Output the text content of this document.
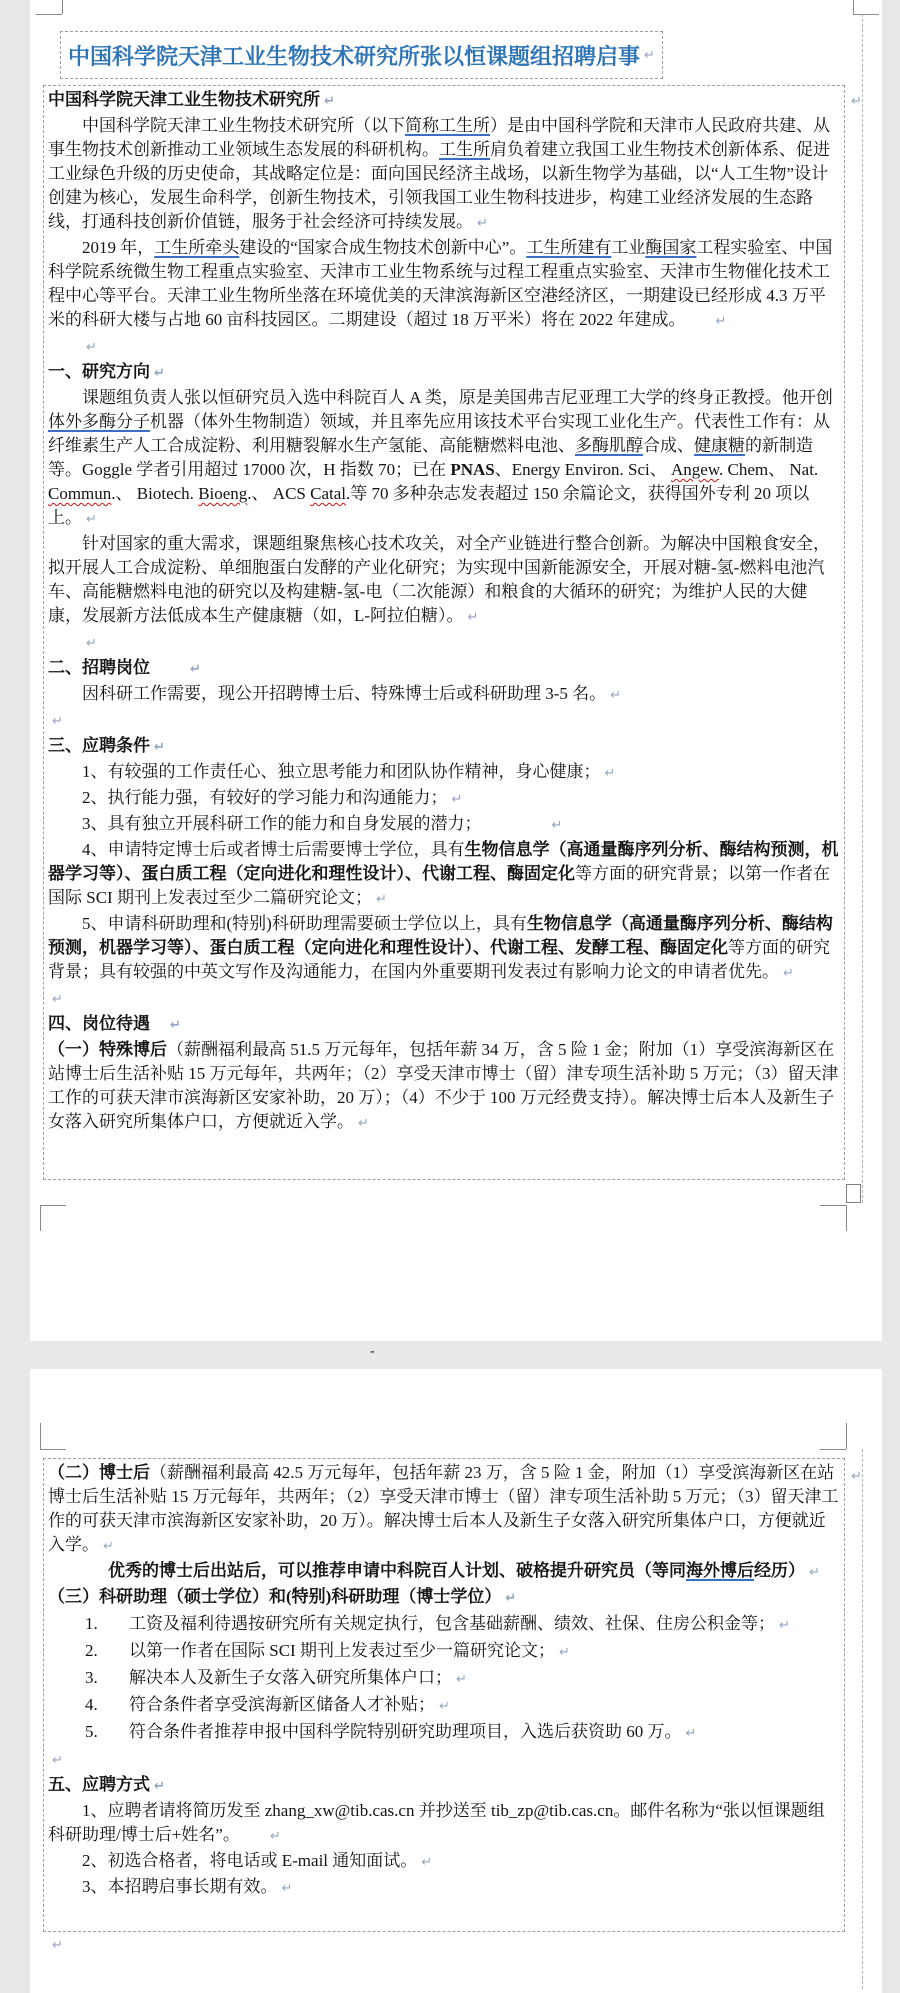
中国科学院天津工业生物技术研究所张以恒课题组招聘启事 ↵
中国科学院天津工业生物技术研究所 ↵
中国科学院天津工业生物技术研究所（以下简称工生所）是由中国科学院和天津市人民政府共建、从事生物技术创新推动工业领域生态发展的科研机构。工生所肩负着建立我国工业生物技术创新体系、促进工业绿色升级的历史使命，其战略定位是：面向国民经济主战场，以新生物学为基础，以“人工生物”设计创建为核心，发展生命科学，创新生物技术，引领我国工业生物科技进步，构建工业经济发展的生态路线，打通科技创新价值链，服务于社会经济可持续发展。 ↵
2019 年，工生所牵头建设的“国家合成生物技术创新中心”。工生所建有工业酶国家工程实验室、中国科学院系统微生物工程重点实验室、天津市工业生物系统与过程工程重点实验室、天津市生物催化技术工程中心等平台。天津工业生物所坐落在环境优美的天津滨海新区空港经济区，一期建设已经形成 4.3 万平米的科研大楼与占地 60 亩科技园区。二期建设（超过 18 万平米）将在 2022 年建成。 ↵
↵
一、研究方向 ↵
课题组负责人张以恒研究员入选中科院百人 A 类，原是美国弗吉尼亚理工大学的终身正教授。他开创体外多酶分子机器（体外生物制造）领域，并且率先应用该技术平台实现工业化生产。代表性工作有：从纤维素生产人工合成淀粉、利用糖裂解水生产氢能、高能糖燃料电池、多酶肌醇合成、健康糖的新制造等。Goggle 学者引用超过 17000 次，H 指数 70；已在 PNAS、Energy Environ. Sci、 Angew. Chem、 Nat. Commun.、 Biotech. Bioeng.、 ACS Catal.等 70 多种杂志发表超过 150 余篇论文，获得国外专利 20 项以上。 ↵
针对国家的重大需求，课题组聚焦核心技术攻关，对全产业链进行整合创新。为解决中国粮食安全，拟开展人工合成淀粉、单细胞蛋白发酵的产业化研究；为实现中国新能源安全，开展对糖-氢-燃料电池汽车、高能糖燃料电池的研究以及构建糖-氢-电（二次能源）和粮食的大循环的研究；为维护人民的大健康，发展新方法低成本生产健康糖（如，L-阿拉伯糖）。 ↵
↵
二、招聘岗位	↵
因科研工作需要，现公开招聘博士后、特殊博士后或科研助理 3-5 名。 ↵
↵
三、应聘条件 ↵
1、有较强的工作责任心、独立思考能力和团队协作精神，身心健康； ↵
2、执行能力强，有较好的学习能力和沟通能力； ↵
3、具有独立开展科研工作的能力和自身发展的潜力；	↵
4、申请特定博士后或者博士后需要博士学位，具有生物信息学（高通量酶序列分析、酶结构预测，机器学习等）、蛋白质工程（定向进化和理性设计）、代谢工程、酶固定化等方面的研究背景；以第一作者在国际 SCI 期刊上发表过至少二篇研究论文； ↵
5、申请科研助理和(特别)科研助理需要硕士学位以上，具有生物信息学（高通量酶序列分析、酶结构预测，机器学习等）、蛋白质工程（定向进化和理性设计）、代谢工程、发酵工程、酶固定化等方面的研究背景；具有较强的中英文写作及沟通能力，在国内外重要期刊发表过有影响力论文的申请者优先。 ↵
↵
四、岗位待遇 ↵
（一）特殊博后（薪酬福利最高 51.5 万元每年，包括年薪 34 万，含 5 险 1 金；附加（1）享受滨海新区在站博士后生活补贴 15 万元每年，共两年；（2）享受天津市博士（留）津专项生活补助 5 万元；（3）留天津工作的可获天津市滨海新区安家补助，20 万）；（4）不少于 100 万元经费支持）。解决博士后本人及新生子女落入研究所集体户口，方便就近入学。 ↵
（二）博士后（薪酬福利最高 42.5 万元每年，包括年薪 23 万，含 5 险 1 金，附加（1）享受滨海新区在站博士后生活补贴 15 万元每年，共两年；（2）享受天津市博士（留）津专项生活补助 5 万元；（3）留天津工作的可获天津市滨海新区安家补助，20 万）。解决博士后本人及新生子女落入研究所集体户口，方便就近入学。 ↵
优秀的博士后出站后，可以推荐申请中科院百人计划、破格提升研究员（等同海外博后经历） ↵
（三）科研助理（硕士学位）和(特别)科研助理（博士学位） ↵
1. 工资及福利待遇按研究所有关规定执行，包含基础薪酬、绩效、社保、住房公积金等； ↵
2. 以第一作者在国际 SCI 期刊上发表过至少一篇研究论文； ↵
3. 解决本人及新生子女落入研究所集体户口； ↵
4. 符合条件者享受滨海新区储备人才补贴； ↵
5. 符合条件者推荐申报中国科学院特别研究助理项目，入选后获资助 60 万。 ↵
↵
五、应聘方式 ↵
1、应聘者请将简历发至 zhang_xw@tib.cas.cn 并抄送至 tib_zp@tib.cas.cn。邮件名称为“张以恒课题组科研助理/博士后+姓名”。 ↵
2、初选合格者，将电话或 E-mail 通知面试。 ↵
3、本招聘启事长期有效。 ↵
-
↵
↵
↵
